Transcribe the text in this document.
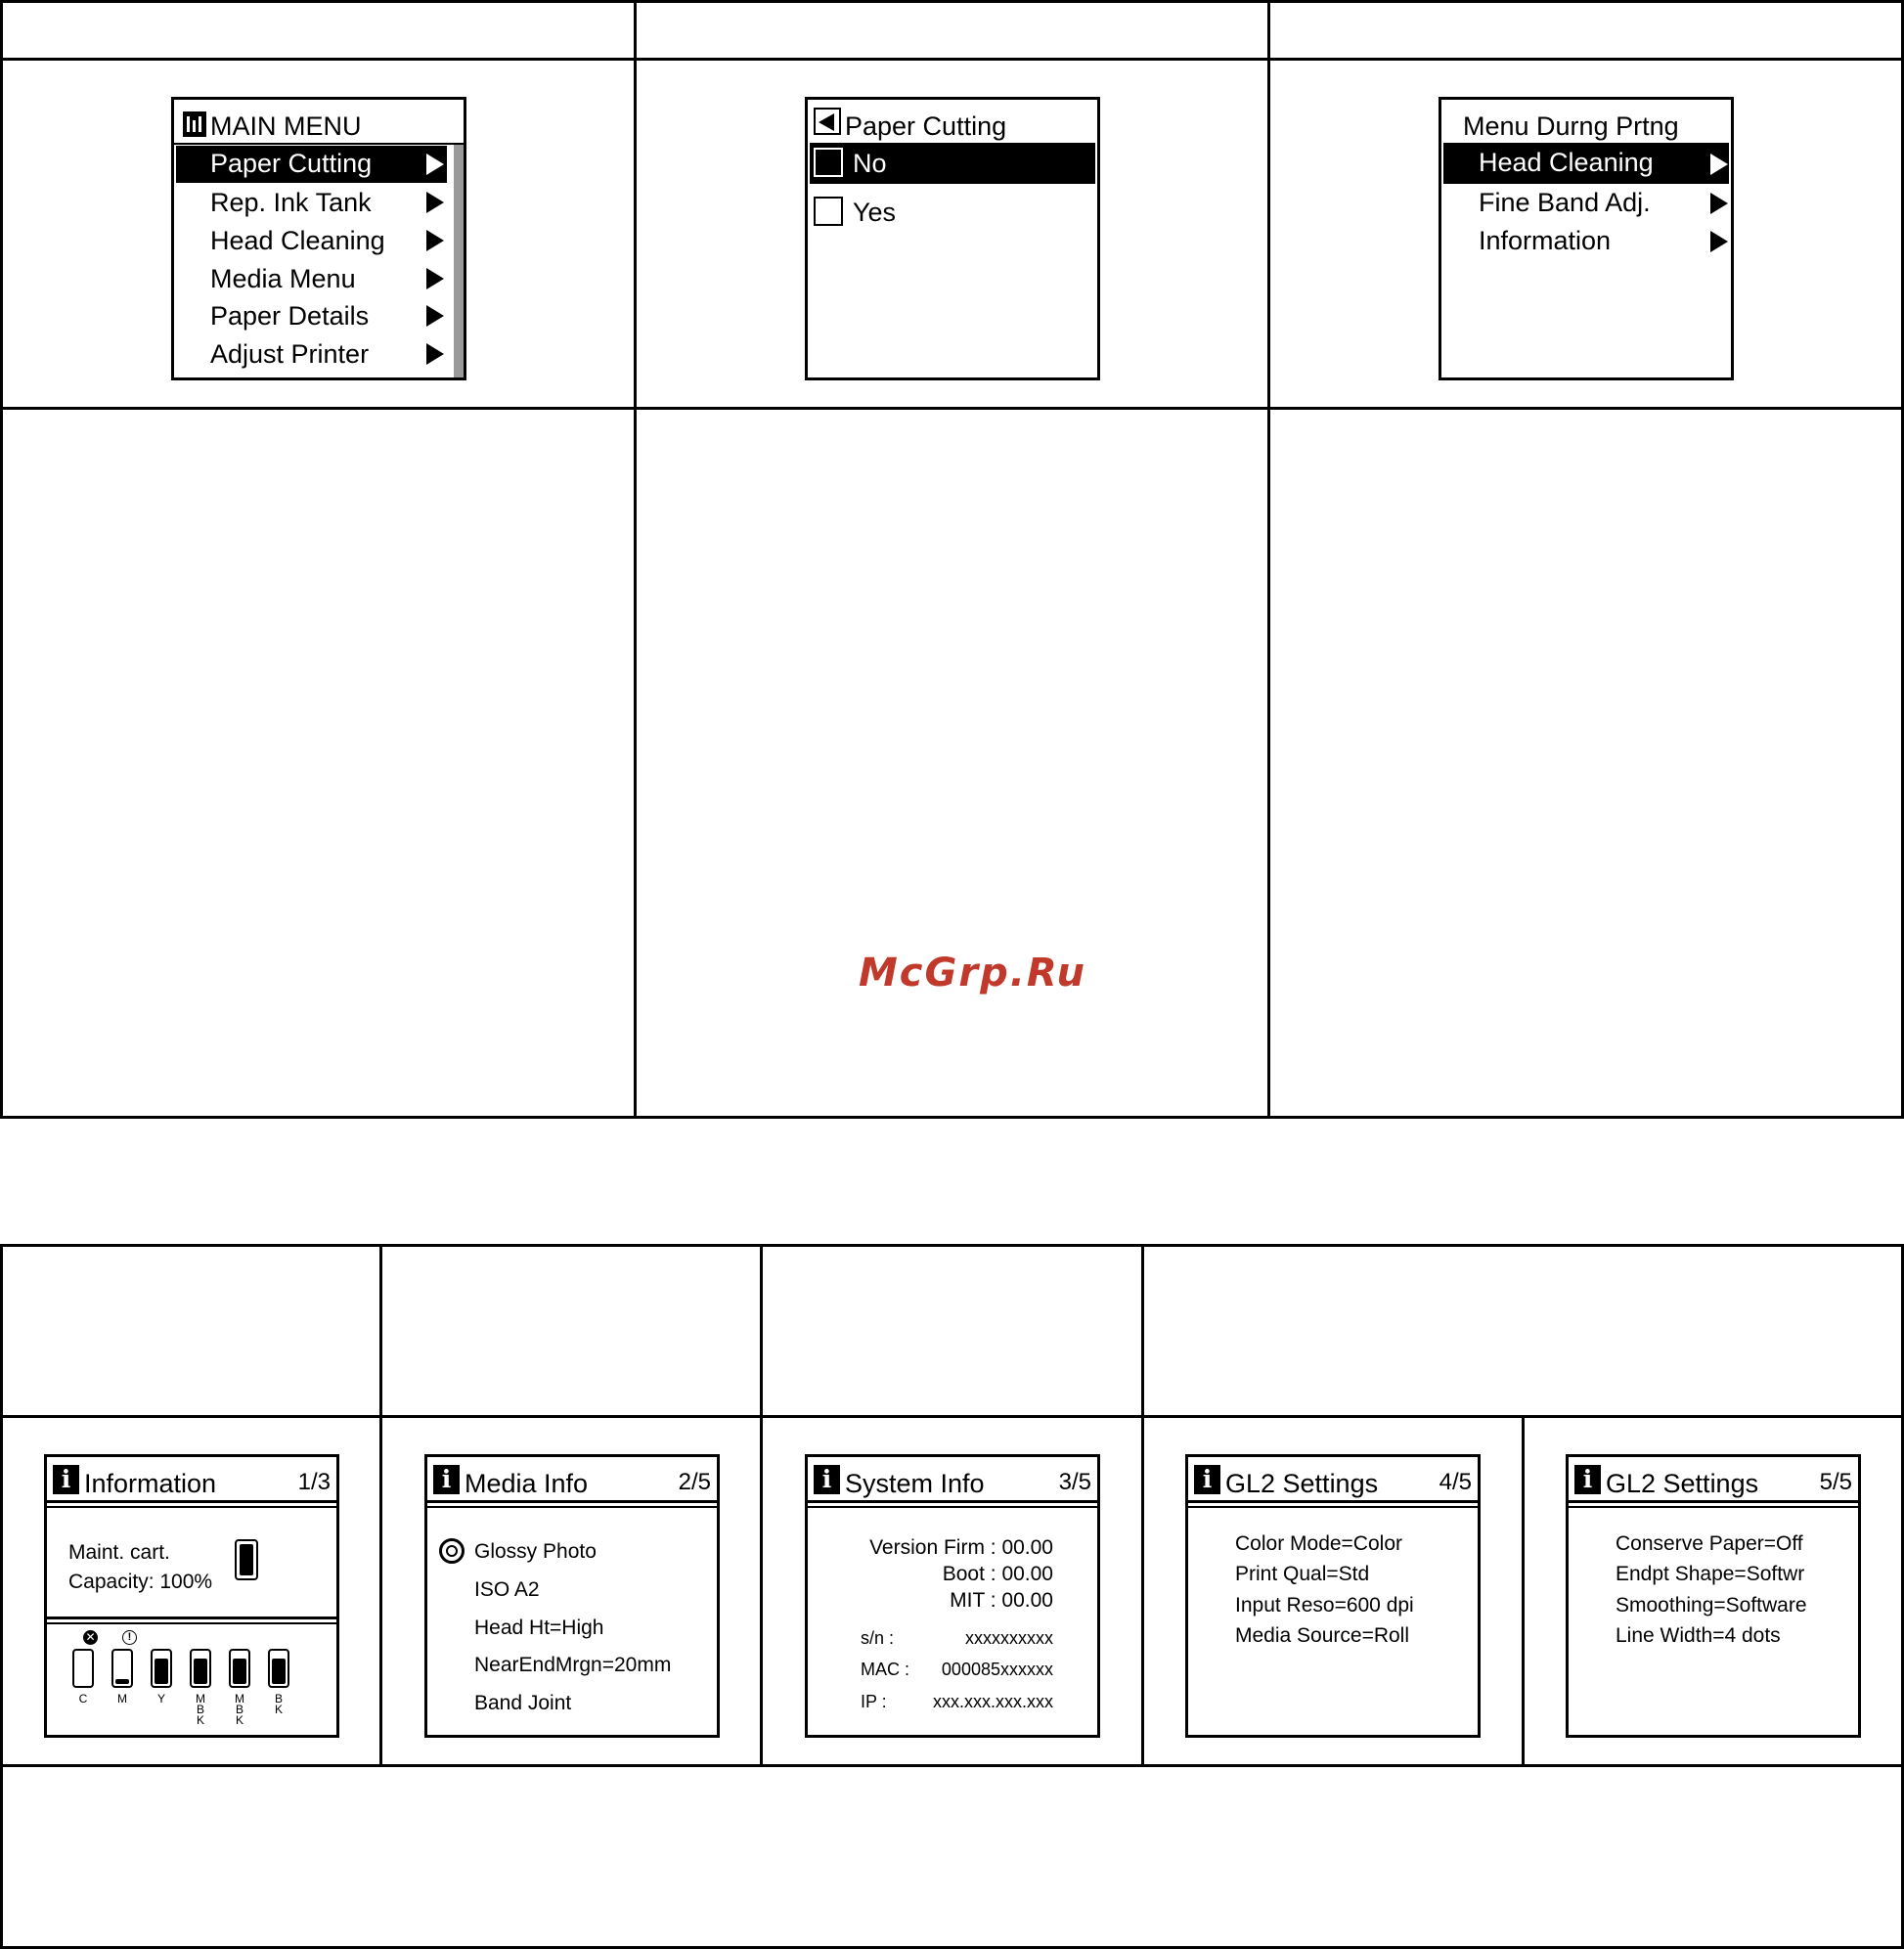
MAIN MENU
Paper Cutting
Rep. Ink Tank
Head Cleaning
Media Menu
Paper Details
Adjust Printer
Paper Cutting
No
Yes
Menu Durng Prtng
Head Cleaning
Fine Band Adj.
Information
McGrp.Ru
i Information	1/3
Maint. cart.
Capacity: 100%
C	M	Y	M
B
K
M
B
K
B
K
✕	!
i Media Info	2/5
Glossy Photo
ISO A2
Head Ht=High
NearEndMrgn=20mm
Band Joint
i System Info	3/5
Version Firm : 00.00
Boot : 00.00
MIT : 00.00
s/n :	xxxxxxxxxx
MAC : 000085xxxxxx
IP :	xxx.xxx.xxx.xxx
i GL2 Settings	4/5
Color Mode=Color
Print Qual=Std
Input Reso=600 dpi
Media Source=Roll
i GL2 Settings	5/5
Conserve Paper=Off
Endpt Shape=Softwr
Smoothing=Software
Line Width=4 dots
